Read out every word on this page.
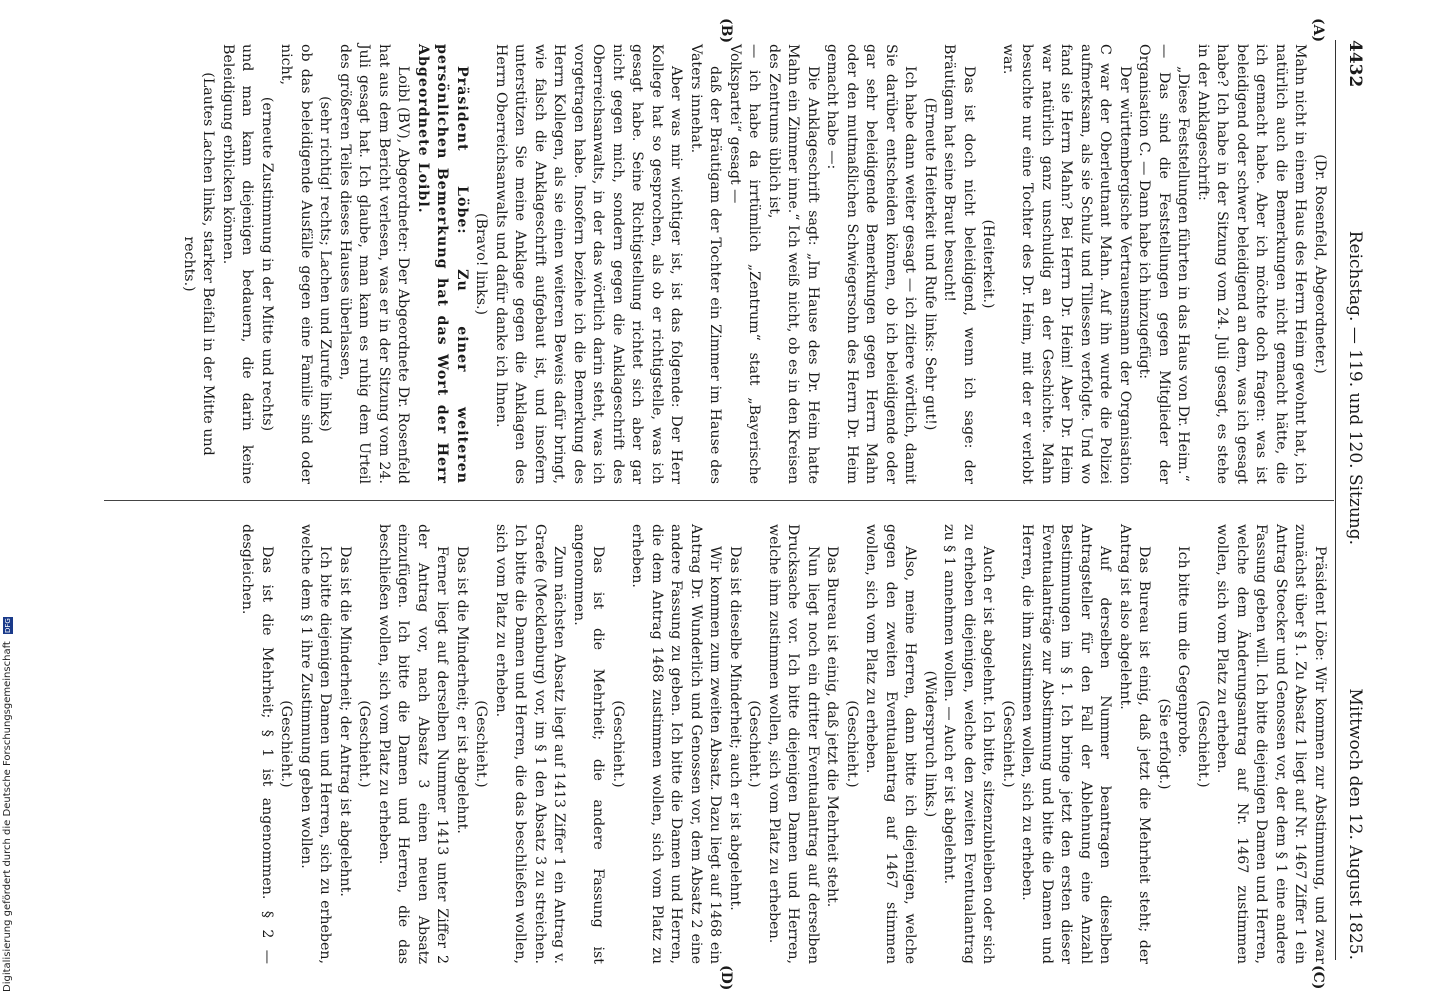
4432
Reichstag. — 119. und 120. Sitzung.
Mittwoch den 12. August 1825.
(A)
(B)
(C)
(D)

(Dr. Rosenfeld, Abgeordneter.)

Mahn nicht in einem Haus des Herrn Heim gewohnt hat, ich natürlich auch die Bemerkungen nicht gemacht hätte, die ich gemacht habe. Aber ich möchte doch fragen: was ist beleidigend oder schwer beleidigend an dem, was ich gesagt habe? Ich habe in der Sitzung vom 24. Juli gesagt, es stehe in der Anklageschrift:

„Diese Feststellungen führten in das Haus von Dr. Heim.“

— Das sind die Feststellungen gegen Mitglieder der Organisation C. — Dann habe ich hinzugefügt:

Der württembergische Vertrauensmann der Organisation C war der Oberleutnant Mahn. Auf ihn wurde die Polizei aufmerksam, als sie Schulz und Tillessen verfolgte. Und wo fand sie Herrn Mahn? Bei Herrn Dr. Heim! Aber Dr. Heim war natürlich ganz unschuldig an der Geschichte. Mahn besuchte nur eine Tochter des Dr. Heim, mit der er verlobt war.

(Heiterkeit.)

Das ist doch nicht beleidigend, wenn ich sage: der Bräutigam hat seine Braut besucht!

(Erneute Heiterkeit und Rufe links: Sehr gut!)

Ich habe dann weiter gesagt — ich zitiere wörtlich, damit Sie darüber entscheiden können, ob ich beleidigende oder gar sehr beleidigende Bemerkungen gegen Herrn Mahn oder den mutmaßlichen Schwiegersohn des Herrn Dr. Heim gemacht habe —:

Die Anklageschrift sagt: „Im Hause des Dr. Heim hatte Mahn ein Zimmer inne.“ Ich weiß nicht, ob es in den Kreisen des Zentrums üblich ist,

— ich habe da irrtümlich „Zentrum“ statt „Bayerische Volkspartei“ gesagt —

daß der Bräutigam der Tochter ein Zimmer im Hause des Vaters innehat.

Aber was mir wichtiger ist, ist das folgende: Der Herr Kollege hat so gesprochen, als ob er richtigstelle, was ich gesagt habe. Seine Richtigstellung richtet sich aber gar nicht gegen mich, sondern gegen die Anklageschrift des Oberreichsanwalts, in der das wörtlich darin steht, was ich vorgetragen habe. Insofern beziehe ich die Bemerkung des Herrn Kollegen, als sie einen weiteren Beweis dafür bringt, wie falsch die Anklageschrift aufgebaut ist, und insofern unterstützen Sie meine Anklage gegen die Anklagen des Herrn Oberreichsanwalts und dafür danke ich Ihnen.

(Bravo! links.)

Präsident Löbe: Zu einer weiteren persönlichen Bemerkung hat das Wort der Herr Abgeordnete Loibl.

Loibl (BV), Abgeordneter: Der Abgeordnete Dr. Rosenfeld hat aus dem Bericht verlesen, was er in der Sitzung vom 24. Juli gesagt hat. Ich glaube, man kann es ruhig dem Urteil des größeren Teiles dieses Hauses überlassen,

(sehr richtig! rechts; Lachen und Zurufe links)

ob das beleidigende Ausfälle gegen eine Familie sind oder nicht,

(erneute Zustimmung in der Mitte und rechts)

und man kann diejenigen bedauern, die darin keine Beleidigung erblicken können.

(Lautes Lachen links, starker Beifall in der Mitte und rechts.)

Präsident Löbe: Wir kommen zur Abstimmung, und zwar zunächst über § 1. Zu Absatz 1 liegt auf Nr. 1467 Ziffer 1 ein Antrag Stoecker und Genossen vor, der dem § 1 eine andere Fassung geben will. Ich bitte diejenigen Damen und Herren, welche dem Änderungsantrag auf Nr. 1467 zustimmen wollen, sich vom Platz zu erheben.

(Geschieht.)

Ich bitte um die Gegenprobe.

(Sie erfolgt.)

Das Bureau ist einig, daß jetzt die Mehrheit steht; der Antrag ist also abgelehnt.

Auf derselben Nummer beantragen dieselben Antragsteller für den Fall der Ablehnung eine Anzahl Bestimmungen im § 1. Ich bringe jetzt den ersten dieser Eventualanträge zur Abstimmung und bitte die Damen und Herren, die ihm zustimmen wollen, sich zu erheben.

(Geschieht.)

Auch er ist abgelehnt. Ich bitte, sitzenzubleiben oder sich zu erheben diejenigen, welche den zweiten Eventualantrag zu § 1 annehmen wollen. — Auch er ist abgelehnt.

(Widerspruch links.)

Also, meine Herren, dann bitte ich diejenigen, welche gegen den zweiten Eventualantrag auf 1467 stimmen wollen, sich vom Platz zu erheben.

(Geschieht.)

Das Bureau ist einig, daß jetzt die Mehrheit steht.

Nun liegt noch ein dritter Eventualantrag auf derselben Drucksache vor. Ich bitte diejenigen Damen und Herren, welche ihm zustimmen wollen, sich vom Platz zu erheben.

(Geschieht.)

Das ist dieselbe Minderheit; auch er ist abgelehnt.

Wir kommen zum zweiten Absatz. Dazu liegt auf 1468 ein Antrag Dr. Wunderlich und Genossen vor, dem Absatz 2 eine andere Fassung zu geben. Ich bitte die Damen und Herren, die dem Antrag 1468 zustimmen wollen, sich vom Platz zu erheben.

(Geschieht.)

Das ist die Mehrheit; die andere Fassung ist angenommen.

Zum nächsten Absatz liegt auf 1413 Ziffer 1 ein Antrag v. Graefe (Mecklenburg) vor, im § 1 den Absatz 3 zu streichen. Ich bitte die Damen und Herren, die das beschließen wollen, sich vom Platz zu erheben.

(Geschieht.)

Das ist die Minderheit; er ist abgelehnt.

Ferner liegt auf derselben Nummer 1413 unter Ziffer 2 der Antrag vor, nach Absatz 3 einen neuen Absatz einzufügen. Ich bitte die Damen und Herren, die das beschließen wollen, sich vom Platz zu erheben.

(Geschieht.)

Das ist die Minderheit; der Antrag ist abgelehnt.

Ich bitte diejenigen Damen und Herren, sich zu erheben, welche dem § 1 ihre Zustimmung geben wollen.

(Geschieht.)

Das ist die Mehrheit; § 1 ist angenommen. § 2 — desgleichen.

Digitalisierung gefördert durch die Deutsche Forschungsgemeinschaft DFG
